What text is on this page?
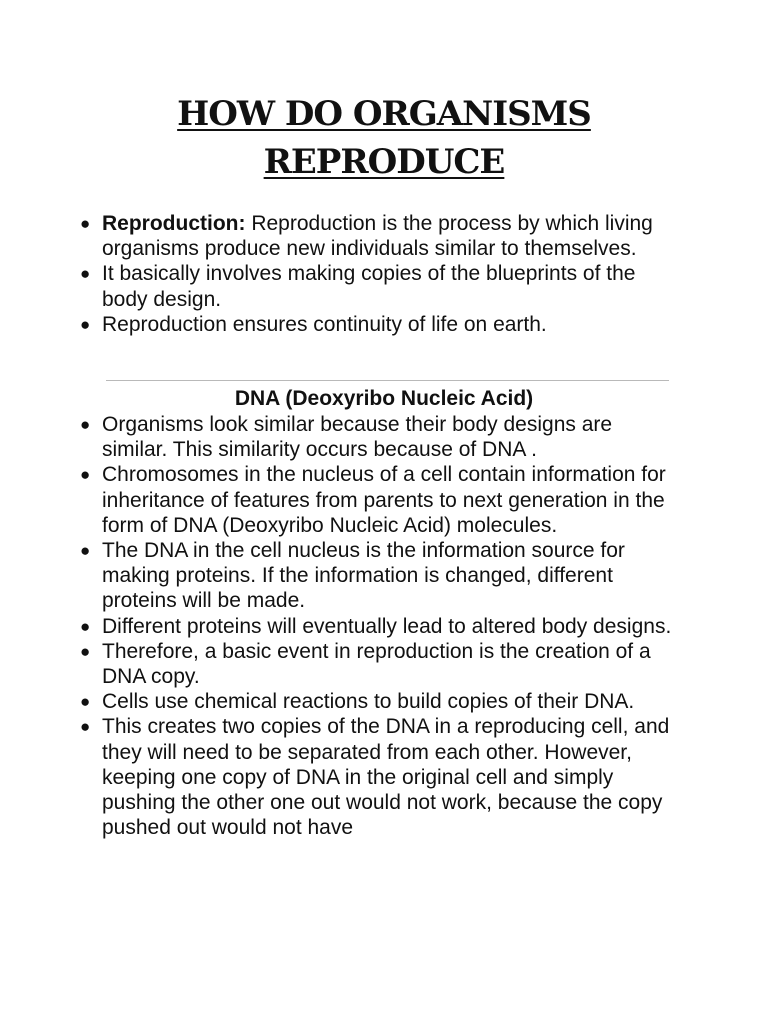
HOW DO ORGANISMS
REPRODUCE
● Reproduction: Reproduction is the process by which living organisms produce new individuals similar to themselves.
● It basically involves making copies of the blueprints of the body design.
● Reproduction ensures continuity of life on earth.
DNA (Deoxyribo Nucleic Acid)
● Organisms look similar because their body designs are similar. This similarity occurs because of DNA .
● Chromosomes in the nucleus of a cell contain information for inheritance of features from parents to next generation in the form of DNA (Deoxyribo Nucleic Acid) molecules.
● The DNA in the cell nucleus is the information source for making proteins. If the information is changed, different proteins will be made.
● Different proteins will eventually lead to altered body designs.
● Therefore, a basic event in reproduction is the creation of a DNA copy.
● Cells use chemical reactions to build copies of their DNA.
● This creates two copies of the DNA in a reproducing cell, and they will need to be separated from each other. However, keeping one copy of DNA in the original cell and simply pushing the other one out would not work, because the copy pushed out would not have
